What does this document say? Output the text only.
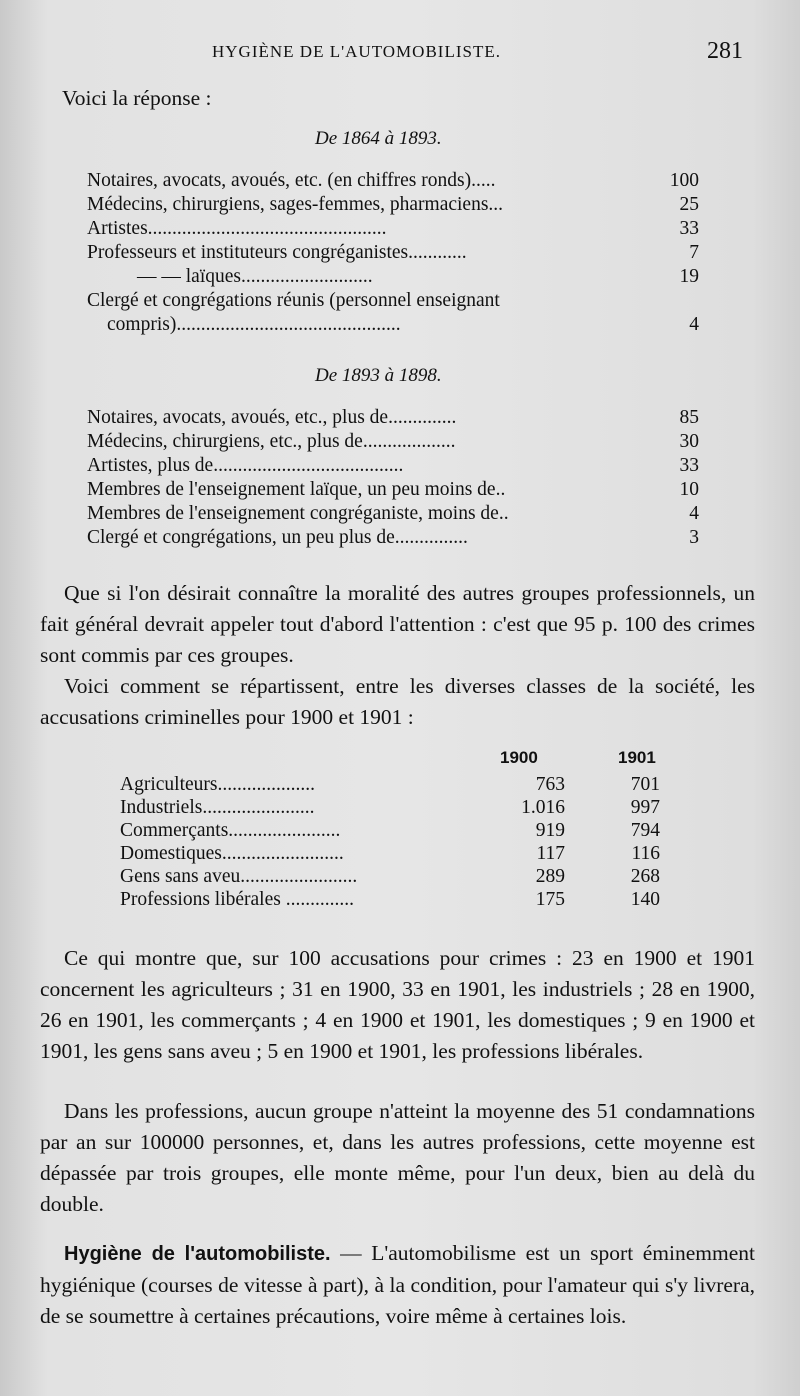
HYGIÈNE DE L'AUTOMOBILISTE.	281
Voici la réponse :
De 1864 à 1893.
Notaires, avocats, avoués, etc. (en chiffres ronds).....	100
Médecins, chirurgiens, sages-femmes, pharmaciens...	25
Artistes.................................................	33
Professeurs et instituteurs congréganistes............	7
— — laïques...........................	19
Clergé et congrégations réunis (personnel enseignant
compris)..............................................	4
De 1893 à 1898.
Notaires, avocats, avoués, etc., plus de..............	85
Médecins, chirurgiens, etc., plus de...................	30
Artistes, plus de.......................................	33
Membres de l'enseignement laïque, un peu moins de..	10
Membres de l'enseignement congréganiste, moins de..	4
Clergé et congrégations, un peu plus de...............	3
Que si l'on désirait connaître la moralité des autres groupes professionnels, un fait général devrait appeler tout d'abord l'attention : c'est que 95 p. 100 des crimes sont commis par ces groupes.
Voici comment se répartissent, entre les diverses classes de la société, les accusations criminelles pour 1900 et 1901 :
1900	1901
Agriculteurs....................	763	701
Industriels.......................	1.016	997
Commerçants.......................	919	794
Domestiques.........................	117	116
Gens sans aveu........................	289	268
Professions libérales ..............	175	140
Ce qui montre que, sur 100 accusations pour crimes : 23 en 1900 et 1901 concernent les agriculteurs ; 31 en 1900, 33 en 1901, les industriels ; 28 en 1900, 26 en 1901, les commerçants ; 4 en 1900 et 1901, les domestiques ; 9 en 1900 et 1901, les gens sans aveu ; 5 en 1900 et 1901, les professions libérales.
Dans les professions, aucun groupe n'atteint la moyenne des 51 condamnations par an sur 100000 personnes, et, dans les autres professions, cette moyenne est dépassée par trois groupes, elle monte même, pour l'un deux, bien au delà du double.
Hygiène de l'automobiliste. — L'automobilisme est un sport éminemment hygiénique (courses de vitesse à part), à la condition, pour l'amateur qui s'y livrera, de se soumettre à certaines précautions, voire même à certaines lois.
